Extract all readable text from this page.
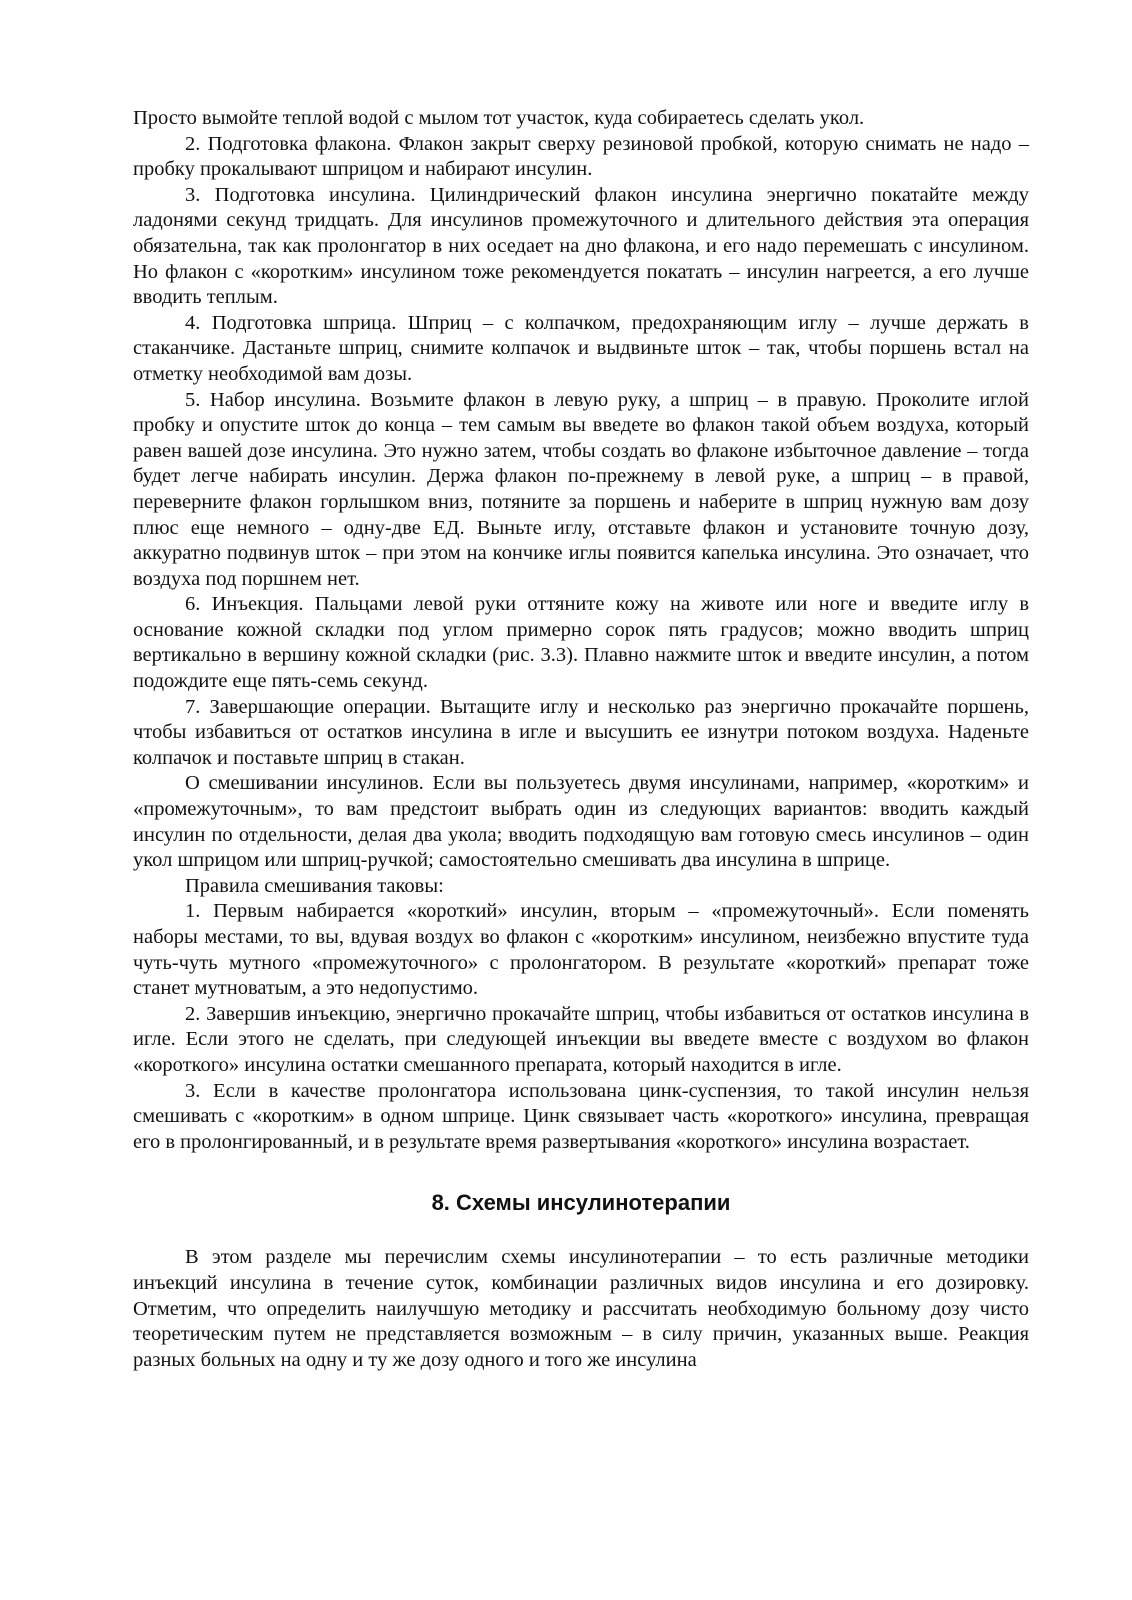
Просто вымойте теплой водой с мылом тот участок, куда собираетесь сделать укол.

2. Подготовка флакона. Флакон закрыт сверху резиновой пробкой, которую снимать не надо – пробку прокалывают шприцом и набирают инсулин.

3. Подготовка инсулина. Цилиндрический флакон инсулина энергично покатайте между ладонями секунд тридцать. Для инсулинов промежуточного и длительного действия эта операция обязательна, так как пролонгатор в них оседает на дно флакона, и его надо перемешать с инсулином. Но флакон с «коротким» инсулином тоже рекомендуется покатать – инсулин нагреется, а его лучше вводить теплым.

4. Подготовка шприца. Шприц – с колпачком, предохраняющим иглу – лучше держать в стаканчике. Дастаньте шприц, снимите колпачок и выдвиньте шток – так, чтобы поршень встал на отметку необходимой вам дозы.

5. Набор инсулина. Возьмите флакон в левую руку, а шприц – в правую. Проколите иглой пробку и опустите шток до конца – тем самым вы введете во флакон такой объем воздуха, который равен вашей дозе инсулина. Это нужно затем, чтобы создать во флаконе избыточное давление – тогда будет легче набирать инсулин. Держа флакон по-прежнему в левой руке, а шприц – в правой, переверните флакон горлышком вниз, потяните за поршень и наберите в шприц нужную вам дозу плюс еще немного – одну-две ЕД. Выньте иглу, отставьте флакон и установите точную дозу, аккуратно подвинув шток – при этом на кончике иглы появится капелька инсулина. Это означает, что воздуха под поршнем нет.

6. Инъекция. Пальцами левой руки оттяните кожу на животе или ноге и введите иглу в основание кожной складки под углом примерно сорок пять градусов; можно вводить шприц вертикально в вершину кожной складки (рис. 3.3). Плавно нажмите шток и введите инсулин, а потом подождите еще пять-семь секунд.

7. Завершающие операции. Вытащите иглу и несколько раз энергично прокачайте поршень, чтобы избавиться от остатков инсулина в игле и высушить ее изнутри потоком воздуха. Наденьте колпачок и поставьте шприц в стакан.

О смешивании инсулинов. Если вы пользуетесь двумя инсулинами, например, «коротким» и «промежуточным», то вам предстоит выбрать один из следующих вариантов: вводить каждый инсулин по отдельности, делая два укола; вводить подходящую вам готовую смесь инсулинов – один укол шприцом или шприц-ручкой; самостоятельно смешивать два инсулина в шприце.

Правила смешивания таковы:

1. Первым набирается «короткий» инсулин, вторым – «промежуточный». Если поменять наборы местами, то вы, вдувая воздух во флакон с «коротким» инсулином, неизбежно впустите туда чуть-чуть мутного «промежуточного» с пролонгатором. В результате «короткий» препарат тоже станет мутноватым, а это недопустимо.

2. Завершив инъекцию, энергично прокачайте шприц, чтобы избавиться от остатков инсулина в игле. Если этого не сделать, при следующей инъекции вы введете вместе с воздухом во флакон «короткого» инсулина остатки смешанного препарата, который находится в игле.

3. Если в качестве пролонгатора использована цинк-суспензия, то такой инсулин нельзя смешивать с «коротким» в одном шприце. Цинк связывает часть «короткого» инсулина, превращая его в пролонгированный, и в результате время развертывания «короткого» инсулина возрастает.

8. Схемы инсулинотерапии

В этом разделе мы перечислим схемы инсулинотерапии – то есть различные методики инъекций инсулина в течение суток, комбинации различных видов инсулина и его дозировку. Отметим, что определить наилучшую методику и рассчитать необходимую больному дозу чисто теоретическим путем не представляется возможным – в силу причин, указанных выше. Реакция разных больных на одну и ту же дозу одного и того же инсулина
